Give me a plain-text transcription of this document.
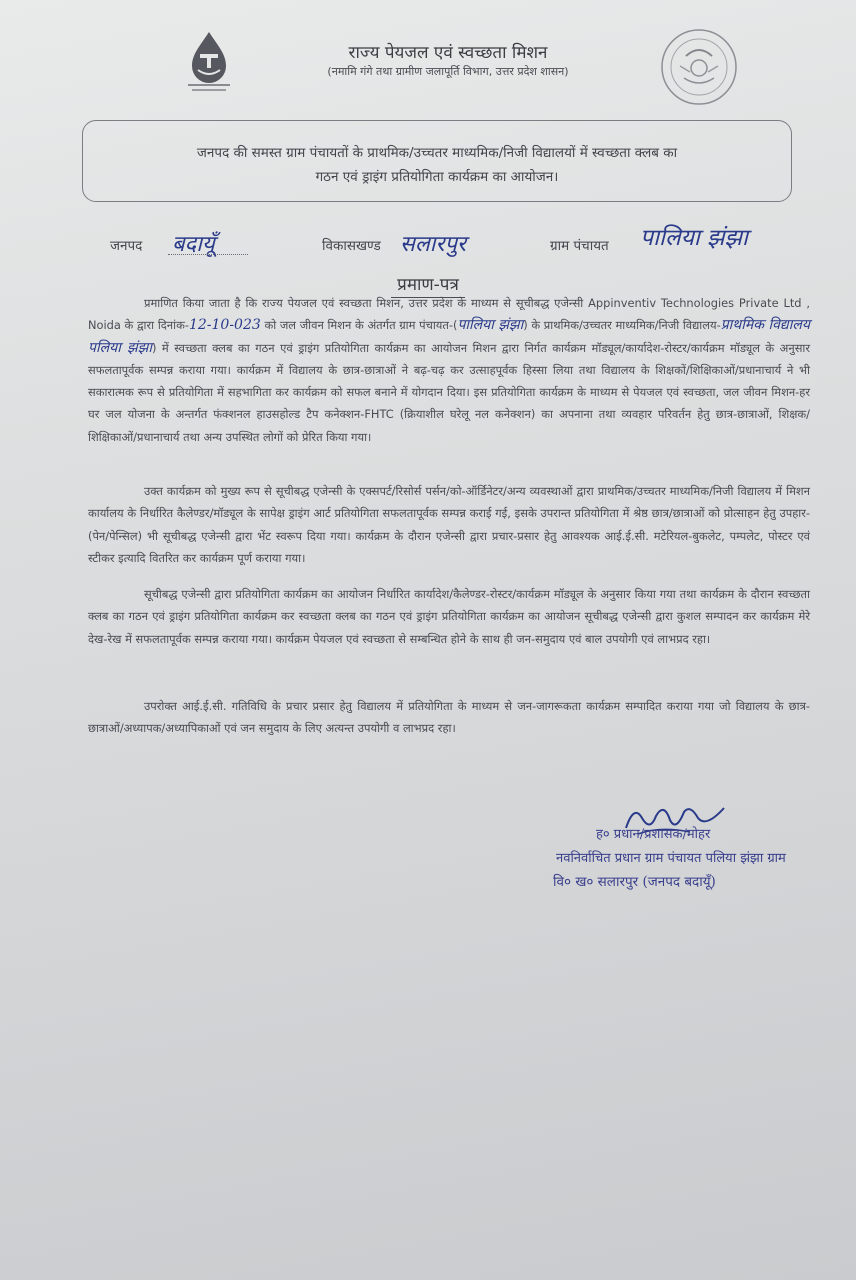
राज्य पेयजल एवं स्वच्छता मिशन
(नमामि गंगे तथा ग्रामीण जलापूर्ति विभाग, उत्तर प्रदेश शासन)
जनपद की समस्त ग्राम पंचायतों के प्राथमिक/उच्चतर माध्यमिक/निजी विद्यालयों में स्वच्छता क्लब का
गठन एवं ड्राइंग प्रतियोगिता कार्यक्रम का आयोजन।
जनपद बदायूँ	विकासखण्ड सलारपुर	ग्राम पंचायत पालिया झंझा
प्रमाण-पत्र
प्रमाणित किया जाता है कि राज्य पेयजल एवं स्वच्छता मिशन, उत्तर प्रदेश के माध्यम से सूचीबद्ध एजेन्सी Appinventiv Technologies Private Ltd , Noida के द्वारा दिनांक-12-10-023 को जल जीवन मिशन के अंतर्गत ग्राम पंचायत-(पालिया झंझा) के प्राथमिक/उच्चतर माध्यमिक/निजी विद्यालय-प्राथमिक विद्यालय पलिया झंझा) में स्वच्छता क्लब का गठन एवं ड्राइंग प्रतियोगिता कार्यक्रम का आयोजन मिशन द्वारा निर्गत कार्यक्रम मॉड्यूल/कार्यादेश-रोस्टर/कार्यक्रम मॉड्यूल के अनुसार सफलतापूर्वक सम्पन्न कराया गया। कार्यक्रम में विद्यालय के छात्र-छात्राओं ने बढ़-चढ़ कर उत्साहपूर्वक हिस्सा लिया तथा विद्यालय के शिक्षकों/शिक्षिकाओं/प्रधानाचार्य ने भी सकारात्मक रूप से प्रतियोगिता में सहभागिता कर कार्यक्रम को सफल बनाने में योगदान दिया। इस प्रतियोगिता कार्यक्रम के माध्यम से पेयजल एवं स्वच्छता, जल जीवन मिशन-हर घर जल योजना के अन्तर्गत फंक्शनल हाउसहोल्ड टैप कनेक्शन-FHTC (क्रियाशील घरेलू नल कनेक्शन) का अपनाना तथा व्यवहार परिवर्तन हेतु छात्र-छात्राओं, शिक्षक/शिक्षिकाओं/प्रधानाचार्य तथा अन्य उपस्थित लोगों को प्रेरित किया गया।
उक्त कार्यक्रम को मुख्य रूप से सूचीबद्ध एजेन्सी के एक्सपर्ट/रिसोर्स पर्सन/को-ऑर्डिनेटर/अन्य व्यवस्थाओं द्वारा प्राथमिक/उच्चतर माध्यमिक/निजी विद्यालय में मिशन कार्यालय के निर्धारित कैलेण्डर/मॉड्यूल के सापेक्ष ड्राइंग आर्ट प्रतियोगिता सफलतापूर्वक सम्पन्न कराई गई, इसके उपरान्त प्रतियोगिता में श्रेष्ठ छात्र/छात्राओं को प्रोत्साहन हेतु उपहार-(पेन/पेन्सिल) भी सूचीबद्ध एजेन्सी द्वारा भेंट स्वरूप दिया गया। कार्यक्रम के दौरान एजेन्सी द्वारा प्रचार-प्रसार हेतु आवश्यक आई.ई.सी. मटेरियल-बुकलेट, पम्पलेट, पोस्टर एवं स्टीकर इत्यादि वितरित कर कार्यक्रम पूर्ण कराया गया।
सूचीबद्ध एजेन्सी द्वारा प्रतियोगिता कार्यक्रम का आयोजन निर्धारित कार्यादेश/कैलेण्डर-रोस्टर/कार्यक्रम मॉड्यूल के अनुसार किया गया तथा कार्यक्रम के दौरान स्वच्छता क्लब का गठन एवं ड्राइंग प्रतियोगिता कार्यक्रम कर स्वच्छता क्लब का गठन एवं ड्राइंग प्रतियोगिता कार्यक्रम का आयोजन सूचीबद्ध एजेन्सी द्वारा कुशल सम्पादन कर कार्यक्रम मेरे देख-रेख में सफलतापूर्वक सम्पन्न कराया गया। कार्यक्रम पेयजल एवं स्वच्छता से सम्बन्धित होने के साथ ही जन-समुदाय एवं बाल उपयोगी एवं लाभप्रद रहा।
उपरोक्त आई.ई.सी. गतिविधि के प्रचार प्रसार हेतु विद्यालय में प्रतियोगिता के माध्यम से जन-जागरूकता कार्यक्रम सम्पादित कराया गया जो विद्यालय के छात्र-छात्राओं/अध्यापक/अध्यापिकाओं एवं जन समुदाय के लिए अत्यन्त उपयोगी व लाभप्रद रहा।
ह० प्रधान/प्रशासक/मोहर
नवनिर्वाचित प्रधान ग्राम पंचायत पलिया झंझा ग्राम
वि० ख० सलारपुर (जनपद बदायूँ)
